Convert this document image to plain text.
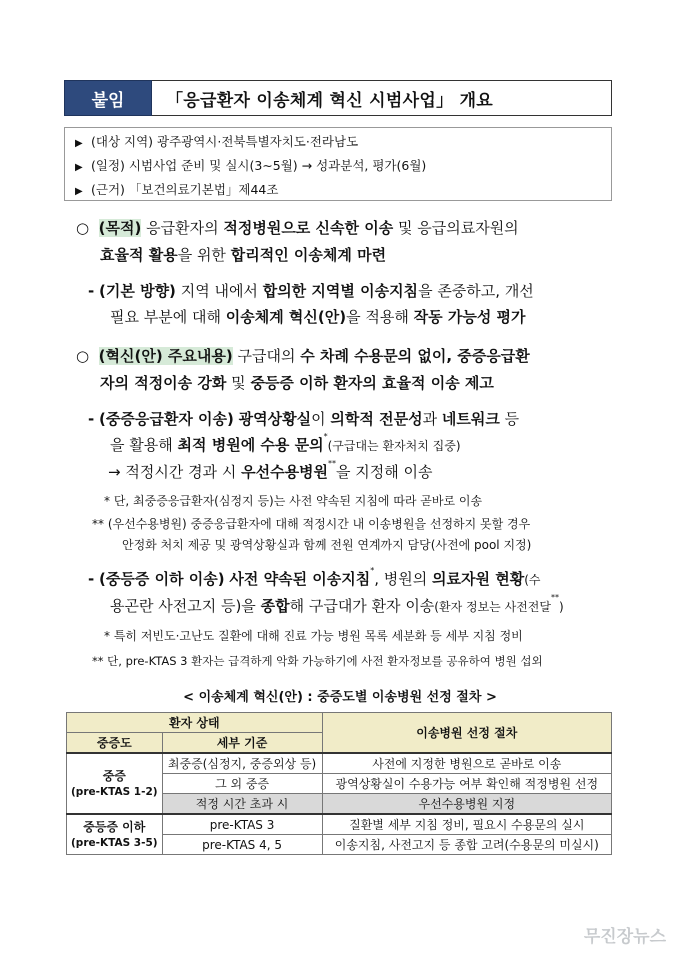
붙임	「응급환자 이송체계 혁신 시범사업」 개요
▶ (대상 지역) 광주광역시·전북특별자치도·전라남도
▶ (일정) 시범사업 준비 및 실시(3∼5월) → 성과분석, 평가(6월)
▶ (근거) 「보건의료기본법」제44조
○ (목적) 응급환자의 적정병원으로 신속한 이송 및 응급의료자원의
효율적 활용을 위한 합리적인 이송체계 마련
- (기본 방향) 지역 내에서 합의한 지역별 이송지침을 존중하고, 개선
필요 부분에 대해 이송체계 혁신(안)을 적용해 작동 가능성 평가
○ (혁신(안) 주요내용) 구급대의 수 차례 수용문의 없이, 중증응급환
자의 적정이송 강화 및 중등증 이하 환자의 효율적 이송 제고
- (중증응급환자 이송) 광역상황실이 의학적 전문성과 네트워크 등
을 활용해 최적 병원에 수용 문의*(구급대는 환자처치 집중)
→ 적정시간 경과 시 우선수용병원**을 지정해 이송
* 단, 최중증응급환자(심정지 등)는 사전 약속된 지침에 따라 곧바로 이송
** (우선수용병원) 중증응급환자에 대해 적정시간 내 이송병원을 선정하지 못할 경우
안정화 처치 제공 및 광역상황실과 함께 전원 연계까지 담당(사전에 pool 지정)
- (중등증 이하 이송) 사전 약속된 이송지침*, 병원의 의료자원 현황(수
용곤란 사전고지 등)을 종합해 구급대가 환자 이송(환자 정보는 사전전달**)
* 특히 저빈도·고난도 질환에 대해 진료 가능 병원 목록 세분화 등 세부 지침 정비
** 단, pre-KTAS 3 환자는 급격하게 악화 가능하기에 사전 환자정보를 공유하여 병원 섭외
< 이송체계 혁신(안) : 중증도별 이송병원 선정 절차 >
환자 상태		이송병원 선정 절차
중증도	세부 기준	

중증
(pre-KTAS 1-2)	최중증(심정지, 중증외상 등)	사전에 지정한 병원으로 곧바로 이송
	그 외 중증	광역상황실이 수용가능 여부 확인해 적정병원 선정
	적정 시간 초과 시	우선수용병원 지정

중등증 이하
(pre-KTAS 3-5)	pre-KTAS 3	질환별 세부 지침 정비, 필요시 수용문의 실시
	pre-KTAS 4, 5	이송지침, 사전고지 등 종합 고려(수용문의 미실시)
무진장뉴스
